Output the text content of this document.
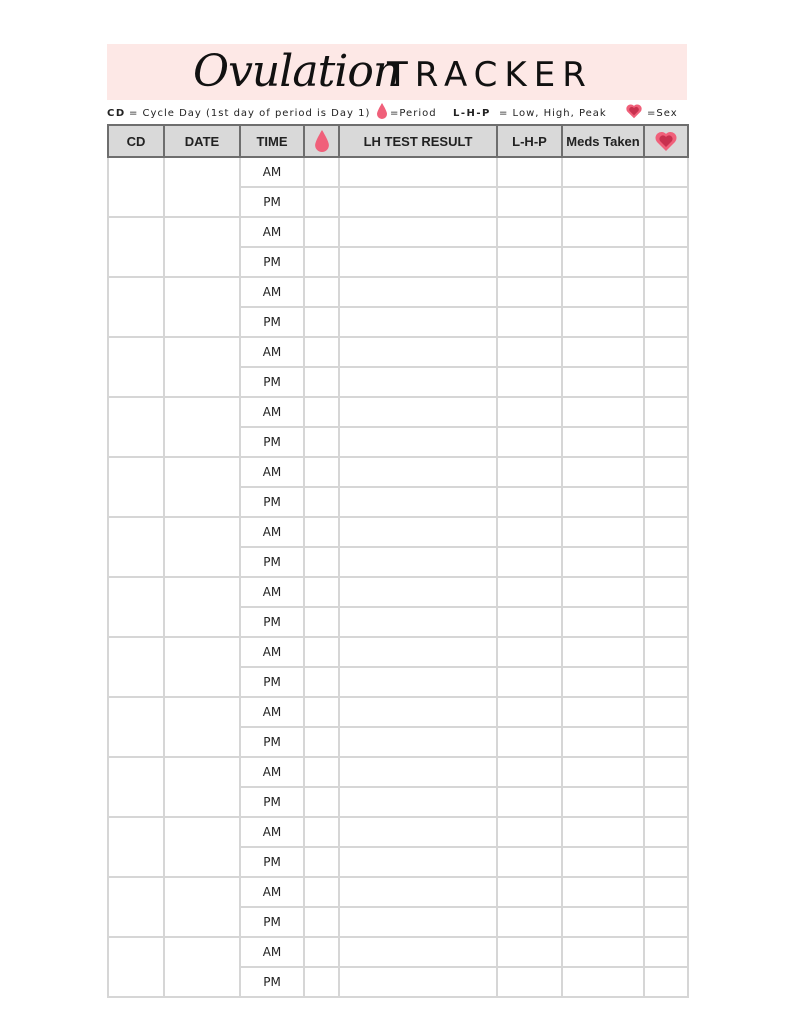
Ovulation
TRACKER
CD = Cycle Day (1st day of period is Day 1) =Period L-H-P = Low, High, Peak	=Sex
CD	DATE	TIME		LH TEST RESULT	L-H-P	Meds Taken	

		AM					
		PM					
		AM					
		PM					
		AM					
		PM					
		AM					
		PM					
		AM					
		PM					
		AM					
		PM					
		AM					
		PM					
		AM					
		PM					
		AM					
		PM					
		AM					
		PM					
		AM					
		PM					
		AM					
		PM					
		AM					
		PM					
		AM					
		PM					
